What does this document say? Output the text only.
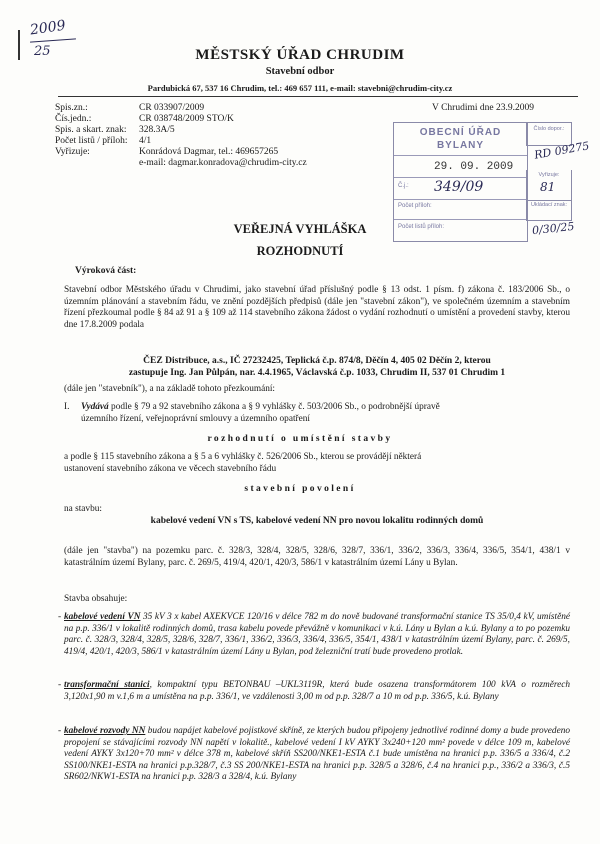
2009
25	MĚSTSKÝ ÚŘAD CHRUDIM
Stavební odbor
Pardubická 67, 537 16 Chrudim, tel.: 469 657 111, e-mail: stavebni@chrudim-city.cz
Spis.zn.:	CR 033907/2009
Čís.jedn.:	CR 038748/2009 STO/K
Spis. a skart. znak: 328.3A/5
Počet listů / příloh: 4/1
Vyřizuje:	Konrádová Dagmar, tel.: 469657265
e-mail: dagmar.konradova@chrudim-city.cz
V Chrudimi dne 23.9.2009
OBECNÍ ÚŘAD
BYLANY
29. 09. 2009
Č.j.:
Počet příloh:
Počet listů příloh:
349/09
Číslo dopor.:
Vyřizuje:
Ukládací znak:
RD 09275
81
0/30/25
VEŘEJNÁ VYHLÁŠKA
ROZHODNUTÍ
Výroková část:
Stavební odbor Městského úřadu v Chrudimi, jako stavební úřad příslušný podle § 13 odst. 1 písm. f) zákona č. 183/2006 Sb., o územním plánování a stavebním řádu, ve znění pozdějších předpisů (dále jen "stavební zákon"), ve společném územním a stavebním řízení přezkoumal podle § 84 až 91 a § 109 až 114 stavebního zákona žádost o vydání rozhodnutí o umístění a provedení stavby, kterou dne 17.8.2009 podala
ČEZ Distribuce, a.s., IČ 27232425, Teplická č.p. 874/8, Děčín 4, 405 02 Děčín 2, kterou
zastupuje Ing. Jan Půlpán, nar. 4.4.1965, Václavská č.p. 1033, Chrudim II, 537 01 Chrudim 1
(dále jen "stavebník"), a na základě tohoto přezkoumání:
I. Vydává podle § 79 a 92 stavebního zákona a § 9 vyhlášky č. 503/2006 Sb., o podrobnější úpravě
územního řízení, veřejnoprávní smlouvy a územního opatření
rozhodnutí o umístění stavby
a podle § 115 stavebního zákona a § 5 a 6 vyhlášky č. 526/2006 Sb., kterou se provádějí některá
ustanovení stavebního zákona ve věcech stavebního řádu
stavební povolení
na stavbu:
kabelové vedení VN s TS, kabelové vedení NN pro novou lokalitu rodinných domů
(dále jen "stavba") na pozemku parc. č. 328/3, 328/4, 328/5, 328/6, 328/7, 336/1, 336/2, 336/3, 336/4, 336/5, 354/1, 438/1 v katastrálním území Bylany, parc. č. 269/5, 419/4, 420/1, 420/3, 586/1 v katastrálním území Lány u Bylan.
Stavba obsahuje:
- kabelové vedení VN 35 kV 3 x kabel AXEKVCE 120/16 v délce 782 m do nově budované transformační stanice TS 35/0,4 kV, umístěné na p.p. 336/1 v lokalitě rodinných domů, trasa kabelu povede převážně v komunikaci v k.ú. Lány u Bylan a k.ú. Bylany a to po pozemku parc. č. 328/3, 328/4, 328/5, 328/6, 328/7, 336/1, 336/2, 336/3, 336/4, 336/5, 354/1, 438/1 v katastrálním území Bylany, parc. č. 269/5, 419/4, 420/1, 420/3, 586/1 v katastrálním území Lány u Bylan, pod železniční tratí bude provedeno protlak.
- transformační stanici, kompaktní typu BETONBAU –UKL3119R, která bude osazena transformátorem 100 kVA o rozměrech 3,120x1,90 m v.1,6 m a umístěna na p.p. 336/1, ve vzdálenosti 3,00 m od p.p. 328/7 a 10 m od p.p. 336/5, k.ú. Bylany
- kabelové rozvody NN budou napájet kabelové pojistkové skříně, ze kterých budou připojeny jednotlivé rodinné domy a bude provedeno propojení se stávajícími rozvody NN napětí v lokalitě., kabelové vedení I kV AYKY 3x240+120 mm² povede v délce 109 m, kabelové vedení AYKY 3x120+70 mm² v délce 378 m, kabelové skříň SS200/NKE1-ESTA č.1 bude umístěna na hranici p.p. 336/5 a 336/4, č.2 SS100/NKE1-ESTA na hranici p.p.328/7, č.3 SS 200/NKE1-ESTA na hranici p.p. 328/5 a 328/6, č.4 na hranici p.p., 336/2 a 336/3, č.5 SR602/NKW1-ESTA na hranici p.p. 328/3 a 328/4, k.ú. Bylany
